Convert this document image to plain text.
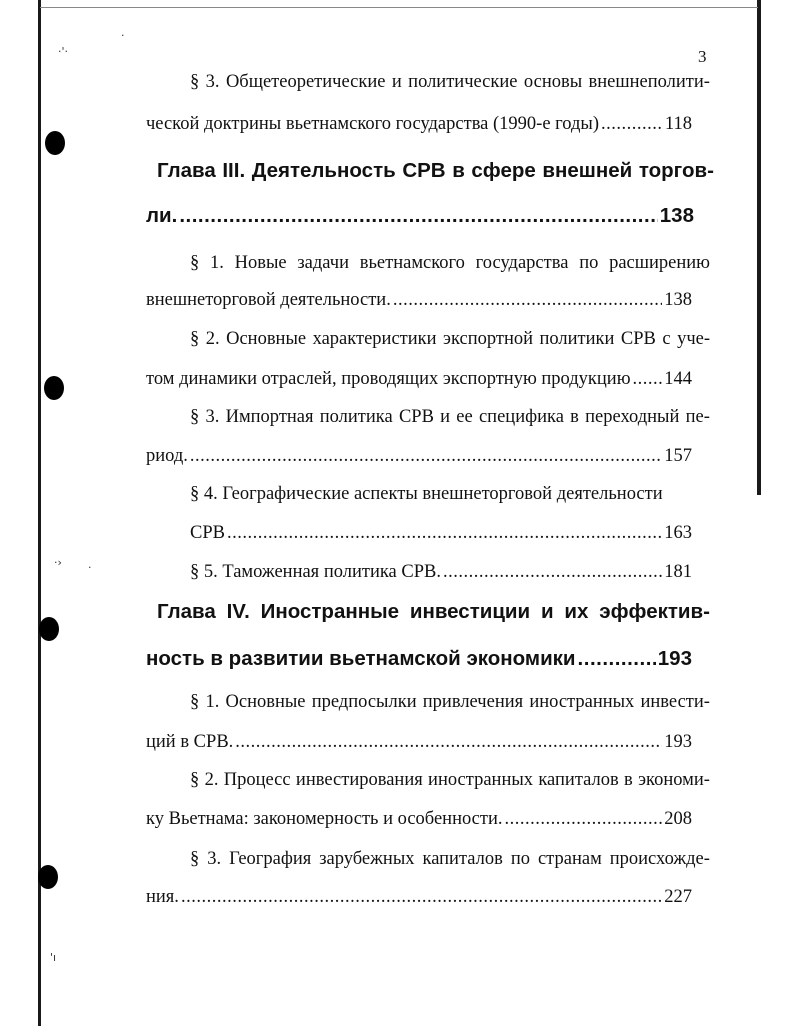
·'·
·
·› ·
'ı
3
§ 3. Общетеоретические и политические основы внешнеполити-
ческой доктрины вьетнамского государства (1990-е годы) .....	118
Глава III. Деятельность СРВ в сфере внешней торгов-
ли. .....	138
§ 1. Новые задачи вьетнамского государства по расширению
внешнеторговой деятельности. .....	138
§ 2. Основные характеристики экспортной политики СРВ с уче-
том динамики отраслей, проводящих экспортную продукцию ..... 144
§ 3. Импортная политика СРВ и ее специфика в переходный пе-
риод. .....	157
§ 4. Географические аспекты внешнеторговой деятельности
СРВ .....	163
§ 5. Таможенная политика СРВ. .....	181
Глава IV. Иностранные инвестиции и их эффектив-
ность в развитии вьетнамской экономики .....	193
§ 1. Основные предпосылки привлечения иностранных инвести-
ций в СРВ. .....	193
§ 2. Процесс инвестирования иностранных капиталов в экономи-
ку Вьетнама: закономерность и особенности. .....	208
§ 3. География зарубежных капиталов по странам происхожде-
ния. .....	227
